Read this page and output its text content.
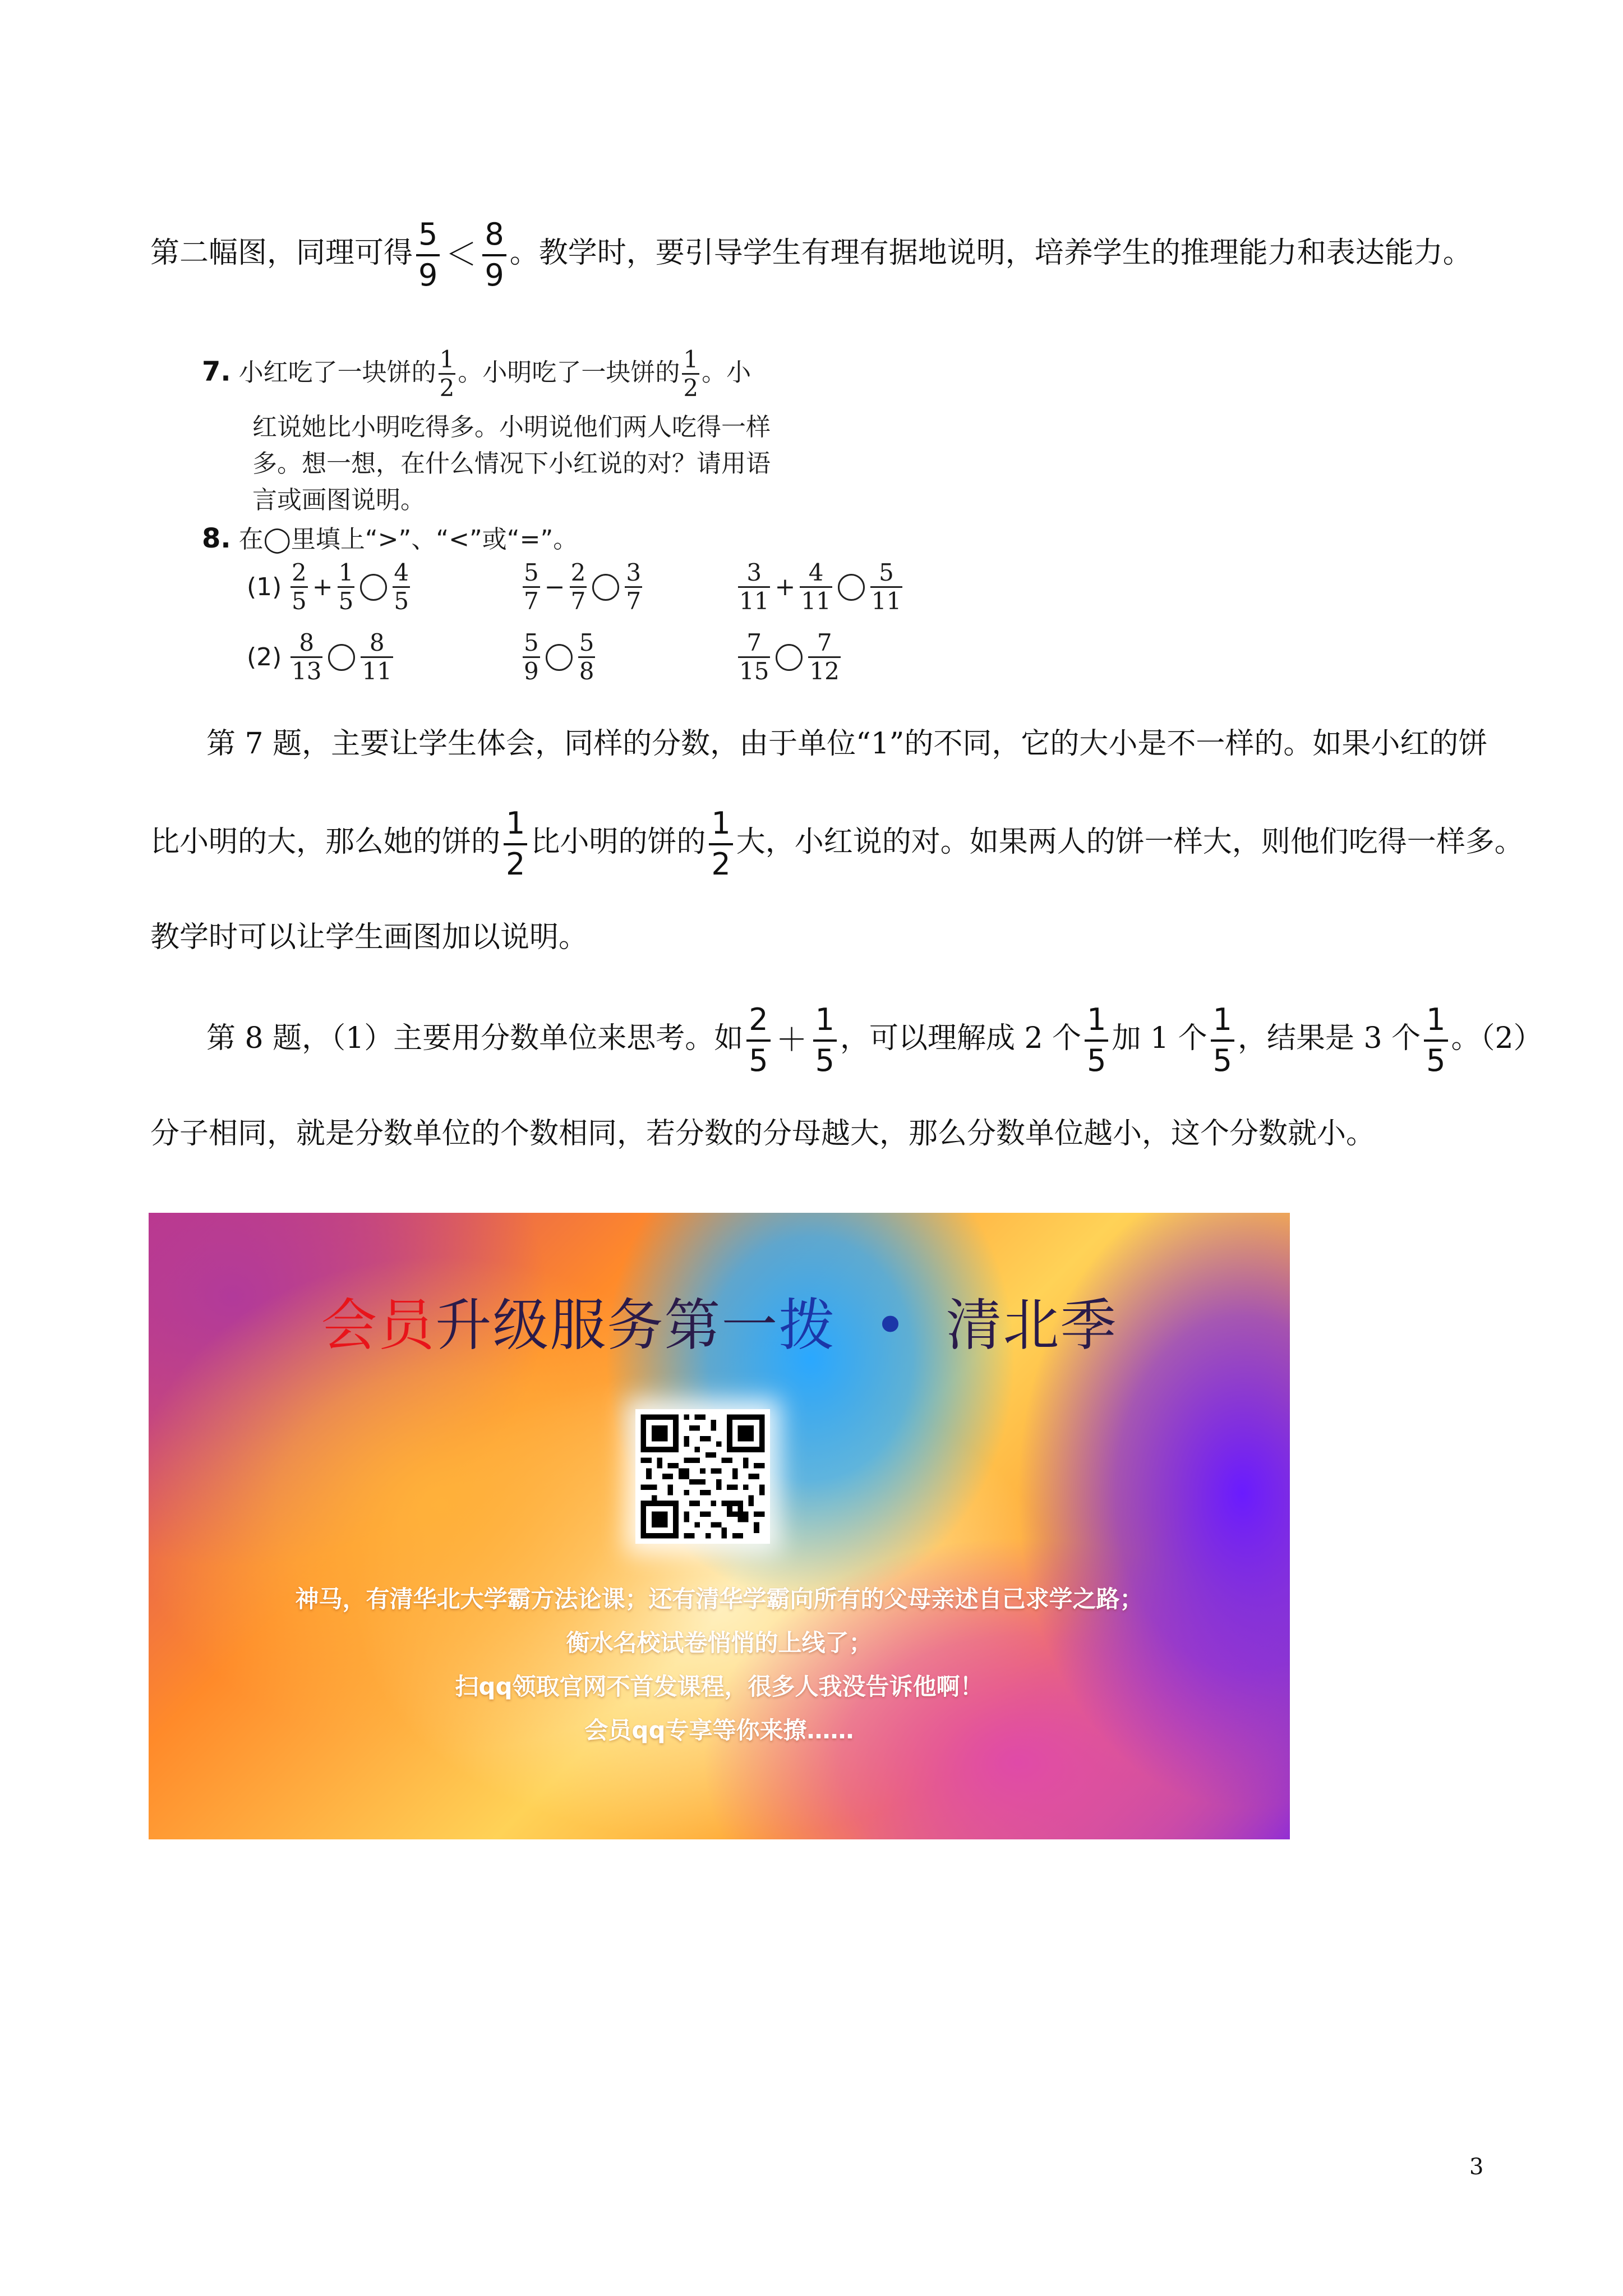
第二幅图，同理可得 $\frac{5}{9} < \frac{8}{9}$ 。教学时，要引导学生有理有据地说明，培养学生的推理能力和表达能力。
7. 小红吃了一块饼的 $\frac{1}{2}$ 。小明吃了一块饼的 $\frac{1}{2}$ 。小
红说她比小明吃得多。小明说他们两人吃得一样
多。想一想，在什么情况下小红说的对？请用语
言或画图说明。
8. 在◯里填上“>”、“<”或“=”。
$(1) \frac{2}{5} + \frac{1}{5} \frac{4}{5}$
	$\frac{5}{7} - \frac{2}{7} \frac{3}{7}$
	$\frac{3}{11} + \frac{4}{11} \frac{5}{11}$
$(2) \frac{8}{13} \frac{8}{11}$
	$\frac{5}{9} \frac{5}{8}$
	$\frac{7}{15} \frac{7}{12}$
第 7 题，主要让学生体会，同样的分数，由于单位“1”的不同，它的大小是不一样的。如果小红的饼
比小明的大，那么她的饼的 $\frac{1}{2}$ 比小明的饼的 $\frac{1}{2}$ 大，小红说的对。如果两人的饼一样大，则他们吃得一样多。
教学时可以让学生画图加以说明。
第 8 题，（1）主要用分数单位来思考。如 $\frac{2}{5} + \frac{1}{5}$ ，可以理解成 2 个 $\frac{1}{5}$ 加 1 个 $\frac{1}{5}$ ，结果是 3 个 $\frac{1}{5}$ 。（2）
分子相同，就是分数单位的个数相同，若分数的分母越大，那么分数单位越小，这个分数就小。
会员升级服务第一拨  •  清北季
神马，有清华北大学霸方法论课；还有清华学霸向所有的父母亲述自己求学之路；
衡水名校试卷悄悄的上线了；
扫qq领取官网不首发课程，很多人我没告诉他啊！
会员qq专享等你来撩……
3
